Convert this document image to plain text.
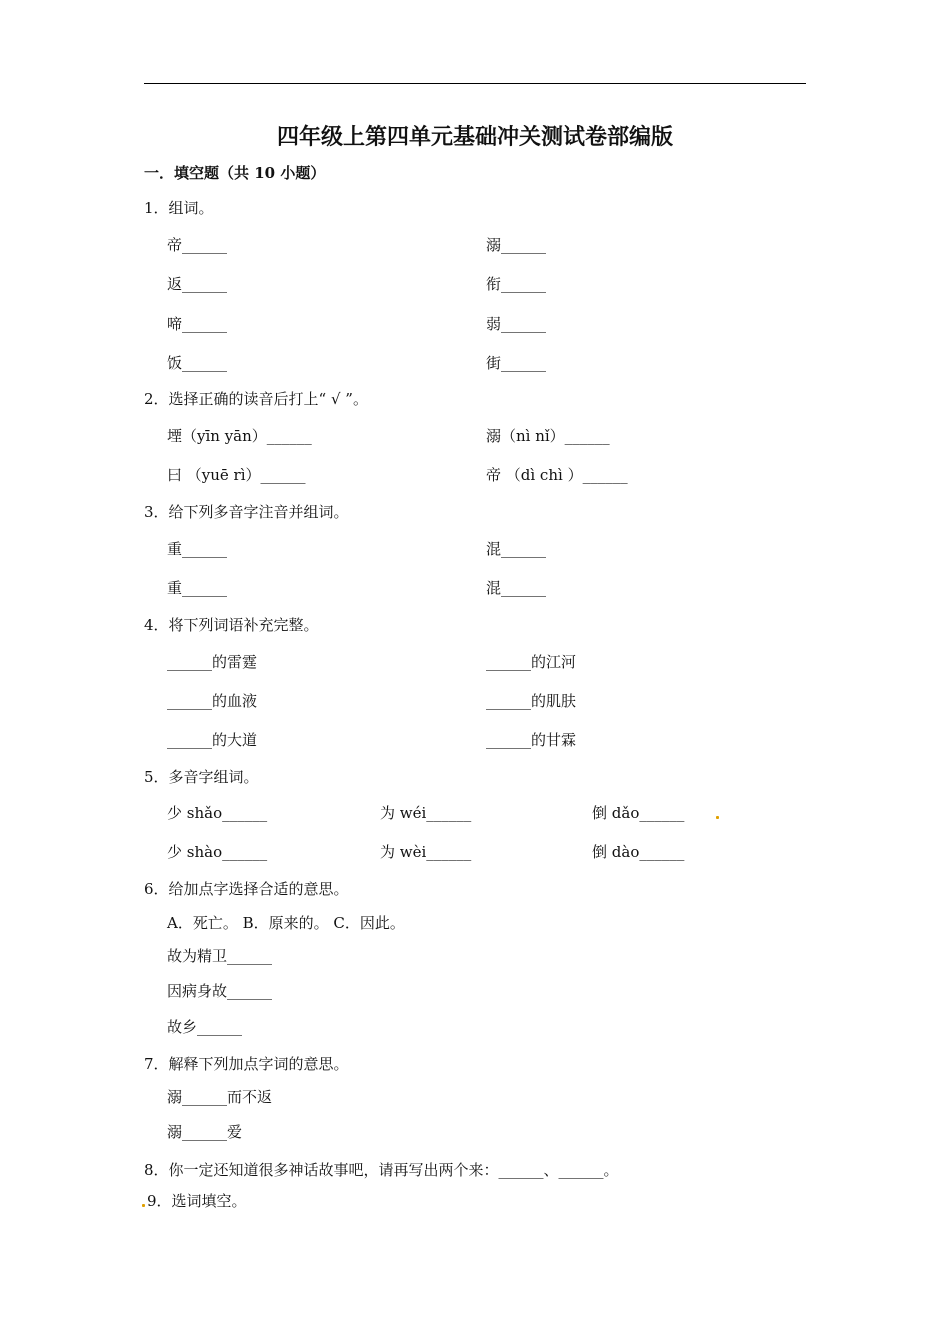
四年级上第四单元基础冲关测试卷部编版
一．填空题（共 10 小题）
1．组词。
帝______	溺______
返______	衔______
啼______	弱______
饭______	街______
2．选择正确的读音后打上“ √ ”。
堙（yīn yān）______	溺（nì nǐ）______
曰 （yuē rì）______	帝 （dì chì ）______
3．给下列多音字注音并组词。
重______	混______
重______	混______
4．将下列词语补充完整。
______的雷霆	______的江河
______的血液	______的肌肤
______的大道	______的甘霖
5．多音字组词。
少 shǎo______	为 wéi______	倒 dǎo______
少 shào______	为 wèi______	倒 dào______
6．给加点字选择合适的意思。
A．死亡。 B．原来的。 C．因此。
故为精卫______
因病身故______
故乡______
7．解释下列加点字词的意思。
溺______而不返
溺______爱
8．你一定还知道很多神话故事吧，请再写出两个来：______、______。
9．选词填空。
